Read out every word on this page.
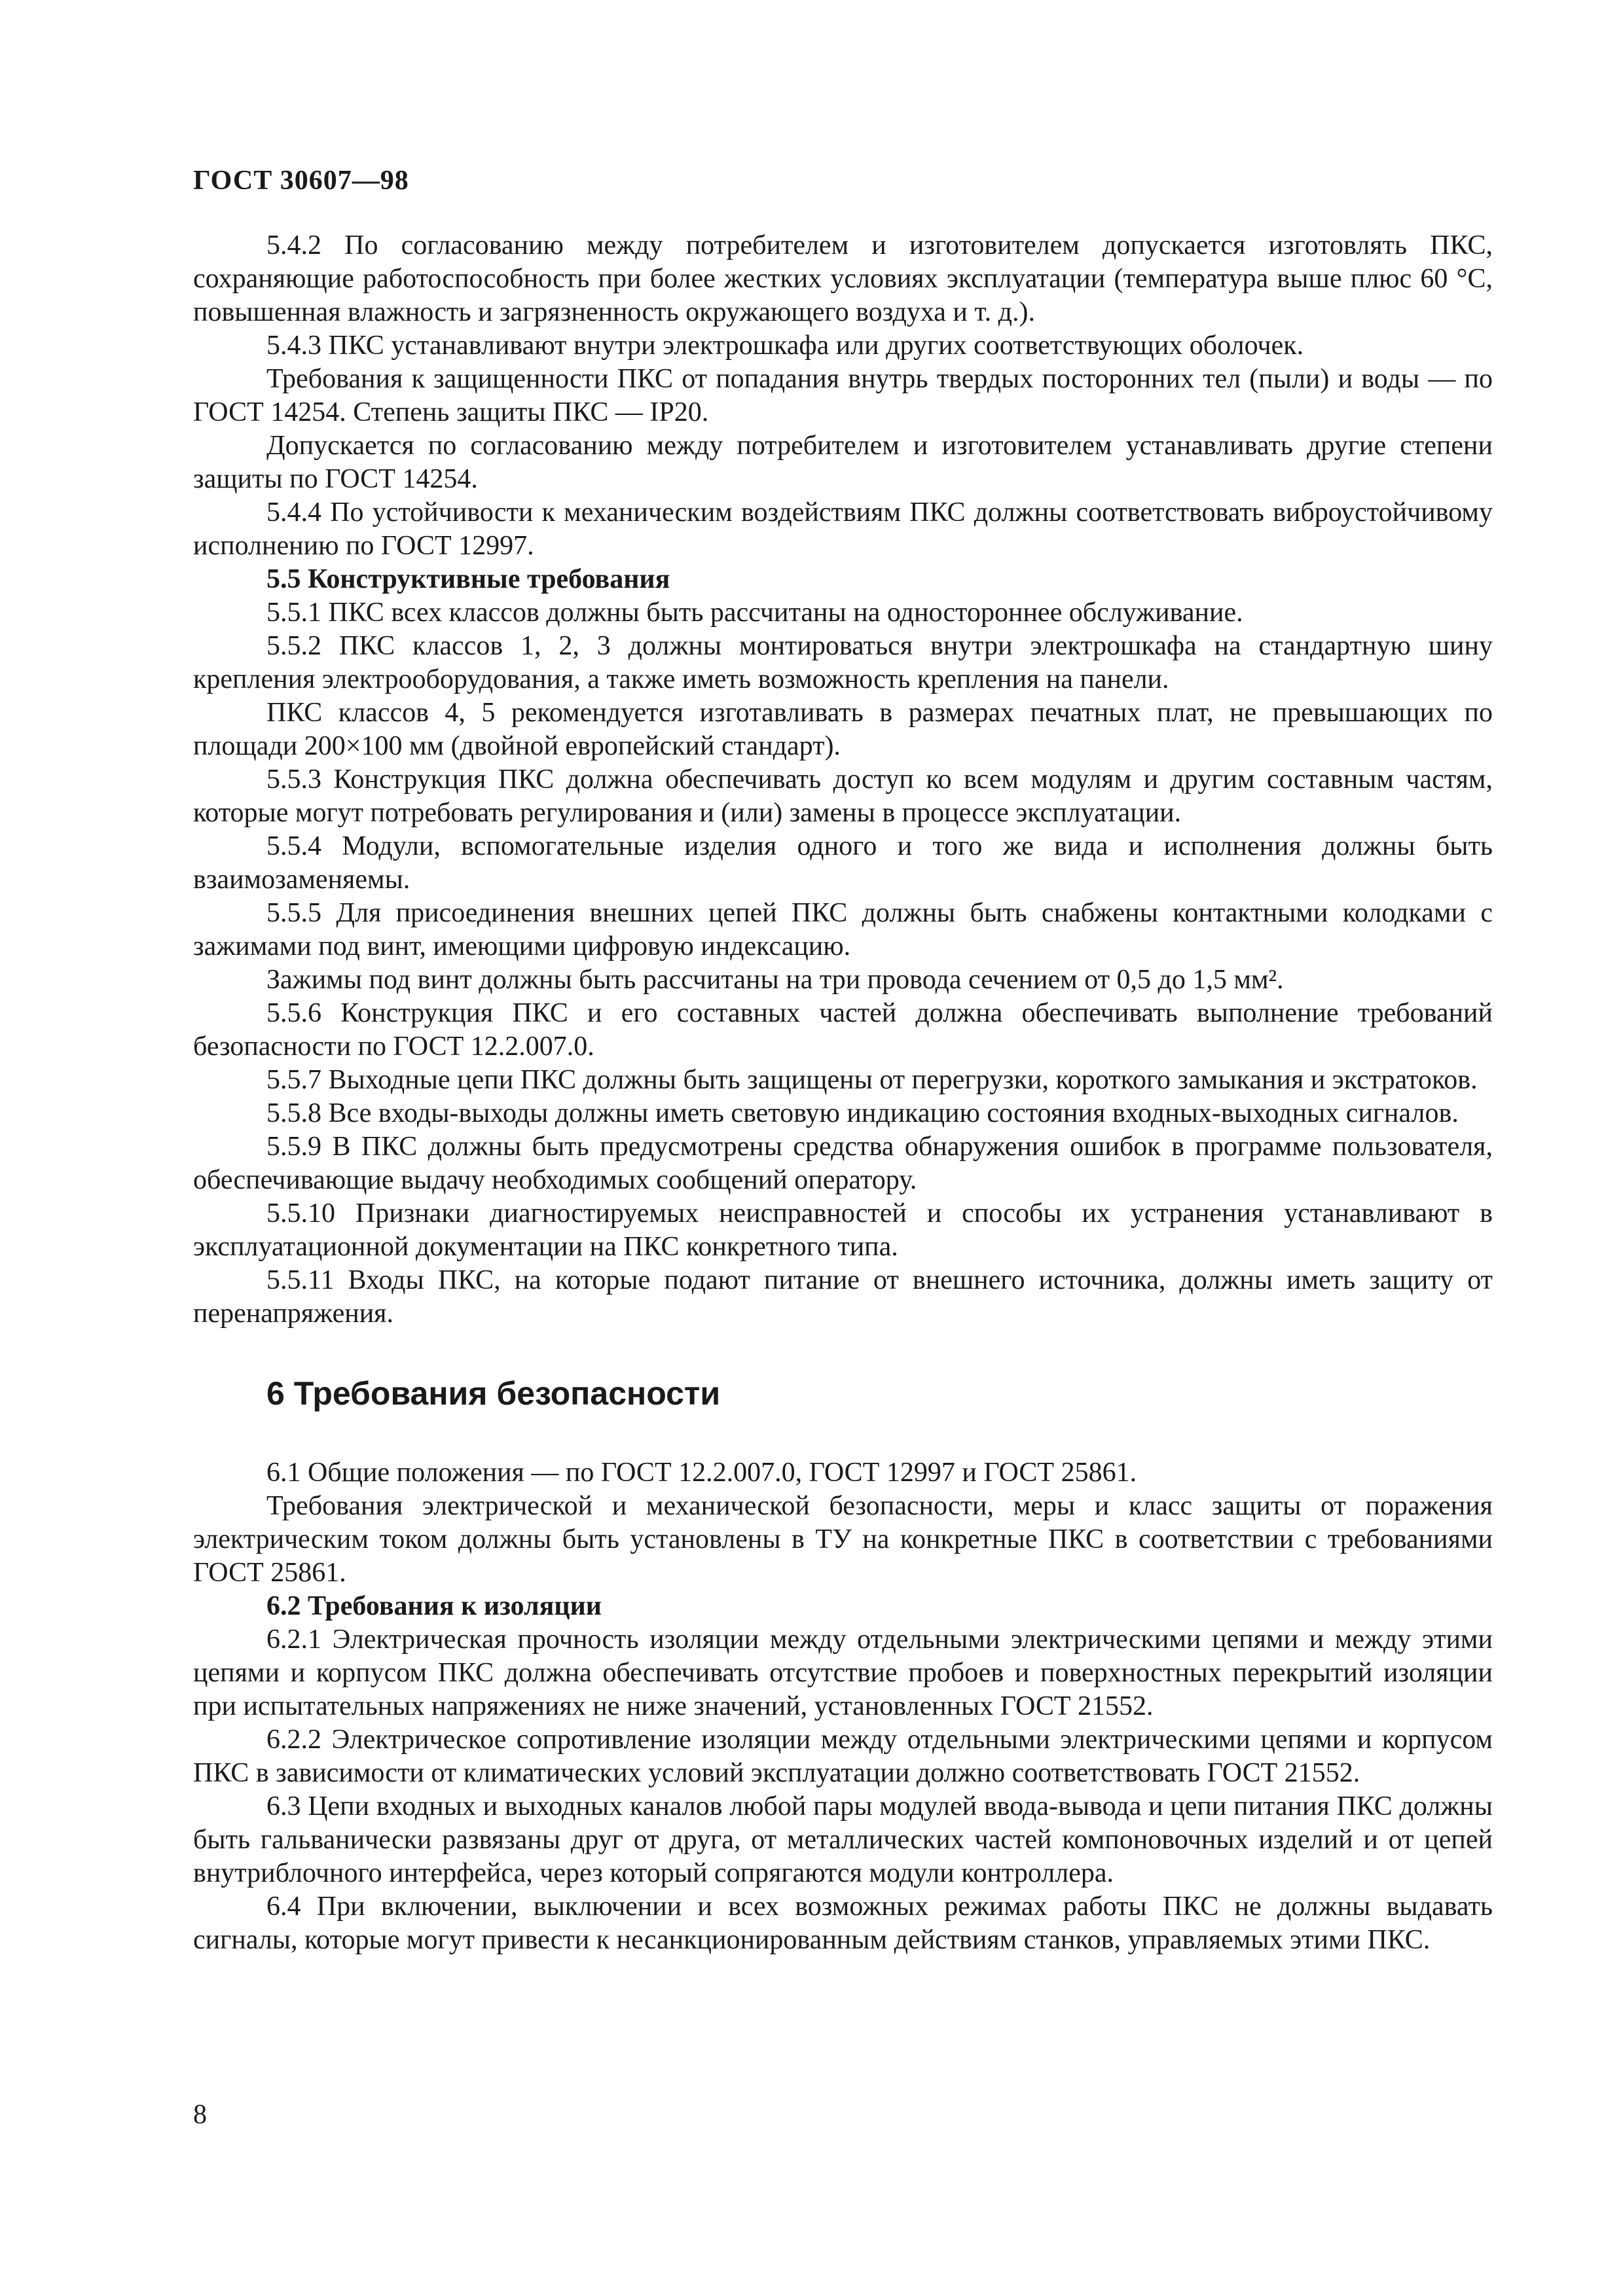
ГОСТ 30607—98

5.4.2 По согласованию между потребителем и изготовителем допускается изготовлять ПКС, сохраняющие работоспособность при более жестких условиях эксплуатации (температура выше плюс 60 °С, повышенная влажность и загрязненность окружающего воздуха и т. д.).

5.4.3 ПКС устанавливают внутри электрошкафа или других соответствующих оболочек.

Требования к защищенности ПКС от попадания внутрь твердых посторонних тел (пыли) и воды — по ГОСТ 14254. Степень защиты ПКС — IP20.

Допускается по согласованию между потребителем и изготовителем устанавливать другие степени защиты по ГОСТ 14254.

5.4.4 По устойчивости к механическим воздействиям ПКС должны соответствовать виброустойчивому исполнению по ГОСТ 12997.

5.5 Конструктивные требования

5.5.1 ПКС всех классов должны быть рассчитаны на одностороннее обслуживание.

5.5.2 ПКС классов 1, 2, 3 должны монтироваться внутри электрошкафа на стандартную шину крепления электрооборудования, а также иметь возможность крепления на панели.

ПКС классов 4, 5 рекомендуется изготавливать в размерах печатных плат, не превышающих по площади 200×100 мм (двойной европейский стандарт).

5.5.3 Конструкция ПКС должна обеспечивать доступ ко всем модулям и другим составным частям, которые могут потребовать регулирования и (или) замены в процессе эксплуатации.

5.5.4 Модули, вспомогательные изделия одного и того же вида и исполнения должны быть взаимозаменяемы.

5.5.5 Для присоединения внешних цепей ПКС должны быть снабжены контактными колодками с зажимами под винт, имеющими цифровую индексацию.

Зажимы под винт должны быть рассчитаны на три провода сечением от 0,5 до 1,5 мм².

5.5.6 Конструкция ПКС и его составных частей должна обеспечивать выполнение требований безопасности по ГОСТ 12.2.007.0.

5.5.7 Выходные цепи ПКС должны быть защищены от перегрузки, короткого замыкания и экстратоков.

5.5.8 Все входы-выходы должны иметь световую индикацию состояния входных-выходных сигналов.

5.5.9 В ПКС должны быть предусмотрены средства обнаружения ошибок в программе пользователя, обеспечивающие выдачу необходимых сообщений оператору.

5.5.10 Признаки диагностируемых неисправностей и способы их устранения устанавливают в эксплуатационной документации на ПКС конкретного типа.

5.5.11 Входы ПКС, на которые подают питание от внешнего источника, должны иметь защиту от перенапряжения.

6 Требования безопасности

6.1 Общие положения — по ГОСТ 12.2.007.0, ГОСТ 12997 и ГОСТ 25861.

Требования электрической и механической безопасности, меры и класс защиты от поражения электрическим током должны быть установлены в ТУ на конкретные ПКС в соответствии с требованиями ГОСТ 25861.

6.2 Требования к изоляции

6.2.1 Электрическая прочность изоляции между отдельными электрическими цепями и между этими цепями и корпусом ПКС должна обеспечивать отсутствие пробоев и поверхностных перекрытий изоляции при испытательных напряжениях не ниже значений, установленных ГОСТ 21552.

6.2.2 Электрическое сопротивление изоляции между отдельными электрическими цепями и корпусом ПКС в зависимости от климатических условий эксплуатации должно соответствовать ГОСТ 21552.

6.3 Цепи входных и выходных каналов любой пары модулей ввода-вывода и цепи питания ПКС должны быть гальванически развязаны друг от друга, от металлических частей компоновочных изделий и от цепей внутриблочного интерфейса, через который сопрягаются модули контроллера.

6.4 При включении, выключении и всех возможных режимах работы ПКС не должны выдавать сигналы, которые могут привести к несанкционированным действиям станков, управляемых этими ПКС.

8
